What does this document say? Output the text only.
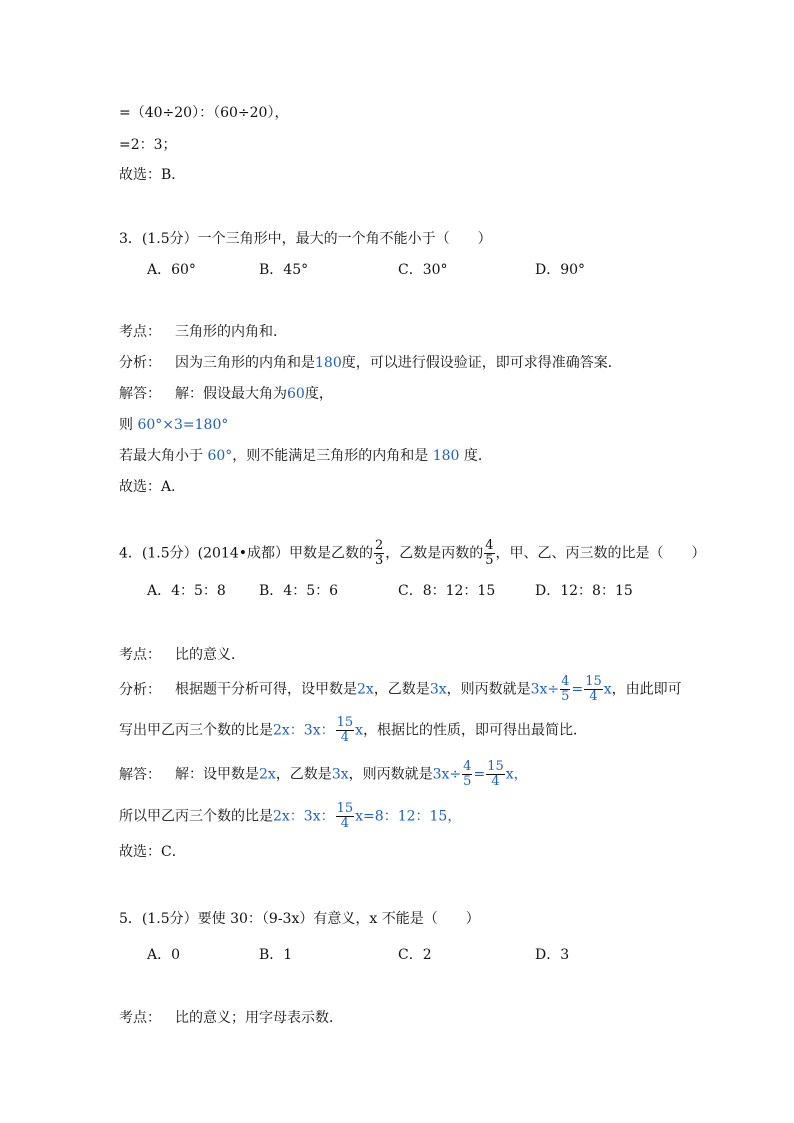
=（40÷20）：（60÷20），
=2：3；
故选：B．
3．(1.5分）一个三角形中，最大的一个角不能小于（　　）
A．60°	B．45°	C．30°	D．90°
考点： 三角形的内角和．
分析： 因为三角形的内角和是180度，可以进行假设验证，即可求得准确答案．
解答： 解：假设最大角为60度，
则 60°×3=180°
若最大角小于 60°，则不能满足三角形的内角和是 180 度．
故选：A．
4．(1.5分）(2014•成都）甲数是乙数的 $\frac{2}{3}$ ，乙数是丙数的 $\frac{4}{5}$ ，甲、乙、丙三数的比是（　　）
A．4：5：8 B．4：5：6	C．8：12：15	D．12：8：15
考点： 比的意义．
分析： 根据题干分析可得，设甲数是2x，乙数是3x，则丙数就是$3x\div \frac{4}{5} = \frac{15}{4}$ x，由此即可
写出甲乙丙三个数的比是2x：3x： $\frac{15}{4}$ x，根据比的性质，即可得出最简比．
解答： 解：设甲数是2x，乙数是3x，则丙数就是$3x\div \frac{4}{5} = \frac{15}{4}$ x，
所以甲乙丙三个数的比是2x：3x： $\frac{15}{4} x=8$：12：15，
故选：C．
5．(1.5分）要使 30：（9-3x）有意义，x 不能是（　　）
A．0	B．1	C．2	D．3
考点： 比的意义；用字母表示数．
